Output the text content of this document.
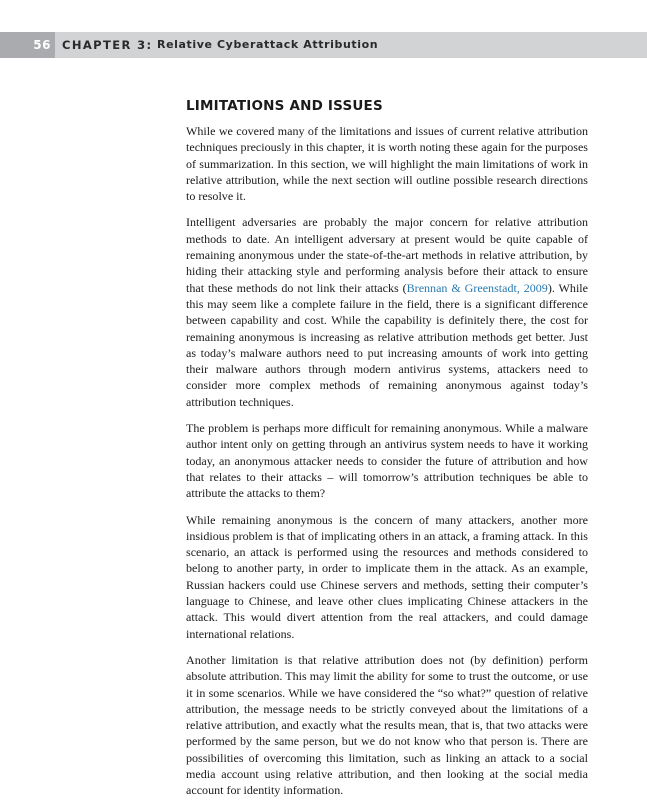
56 CHAPTER 3: Relative Cyberattack Attribution
LIMITATIONS AND ISSUES

While we covered many of the limitations and issues of current relative attribution techniques preciously in this chapter, it is worth noting these again for the purposes of summarization. In this section, we will highlight the main limitations of work in relative attribution, while the next section will outline possible research directions to resolve it.

Intelligent adversaries are probably the major concern for relative attribution methods to date. An intelligent adversary at present would be quite capable of remaining anonymous under the state-of-the-art methods in relative attribution, by hiding their attacking style and performing analysis before their attack to ensure that these methods do not link their attacks (Brennan & Greenstadt, 2009). While this may seem like a complete failure in the field, there is a significant difference between capability and cost. While the capability is definitely there, the cost for remaining anonymous is increasing as relative attribution methods get better. Just as today’s malware authors need to put increasing amounts of work into getting their malware authors through modern antivirus systems, attackers need to consider more complex methods of remaining anonymous against today’s attribution techniques.

The problem is perhaps more difficult for remaining anonymous. While a malware author intent only on getting through an antivirus system needs to have it working today, an anonymous attacker needs to consider the future of attribution and how that relates to their attacks – will tomorrow’s attribution techniques be able to attribute the attacks to them?

While remaining anonymous is the concern of many attackers, another more insidious problem is that of implicating others in an attack, a framing attack. In this scenario, an attack is performed using the resources and methods considered to belong to another party, in order to implicate them in the attack. As an example, Russian hackers could use Chinese servers and methods, setting their computer’s language to Chinese, and leave other clues implicating Chinese attackers in the attack. This would divert attention from the real attackers, and could damage international relations.

Another limitation is that relative attribution does not (by definition) perform absolute attribution. This may limit the ability for some to trust the outcome, or use it in some scenarios. While we have considered the “so what?” question of relative attribution, the message needs to be strictly conveyed about the limitations of a relative attribution, and exactly what the results mean, that is, that two attacks were performed by the same person, but we do not know who that person is. There are possibilities of overcoming this limitation, such as linking an attack to a social media account using relative attribution, and then looking at the social media account for identity information.
